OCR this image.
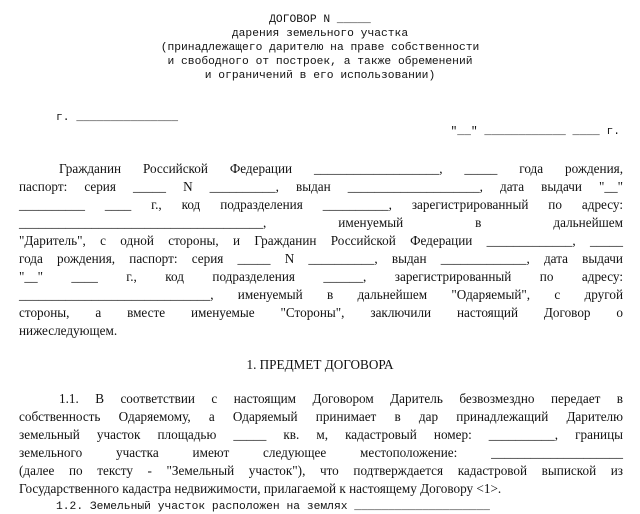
ДОГОВОР N _____
дарения земельного участка
(принадлежащего дарителю на праве собственности
и свободного от построек, а также обременений
и ограничений в его использовании)
г. _______________
"__" ____________ ____ г.
Гражданин Российской Федерации ___________________, _____ года рождения,
паспорт: серия _____ N __________, выдан ____________________, дата выдачи "__"
__________ ____ г., код подразделения __________, зарегистрированный по адресу:
_____________________________________, именуемый в дальнейшем
"Даритель", с одной стороны, и Гражданин Российской Федерации _____________, _____
года рождения, паспорт: серия _____ N __________, выдан _____________, дата выдачи
"__" ____ г., код подразделения ______, зарегистрированный по адресу:
_____________________________, именуемый в дальнейшем "Одаряемый", с другой
стороны, а вместе именуемые "Стороны", заключили настоящий Договор о
нижеследующем.
1. ПРЕДМЕТ ДОГОВОРА
1.1. В соответствии с настоящим Договором Даритель безвозмездно передает в
собственность Одаряемому, а Одаряемый принимает в дар принадлежащий Дарителю
земельный участок площадью _____ кв. м, кадастровый номер: __________, границы
земельного участка имеют следующее местоположение: ____________________
(далее по тексту - "Земельный участок"), что подтверждается кадастровой выпиской из
Государственного кадастра недвижимости, прилагаемой к настоящему Договору <1>.
1.2. Земельный участок расположен на землях ____________________
